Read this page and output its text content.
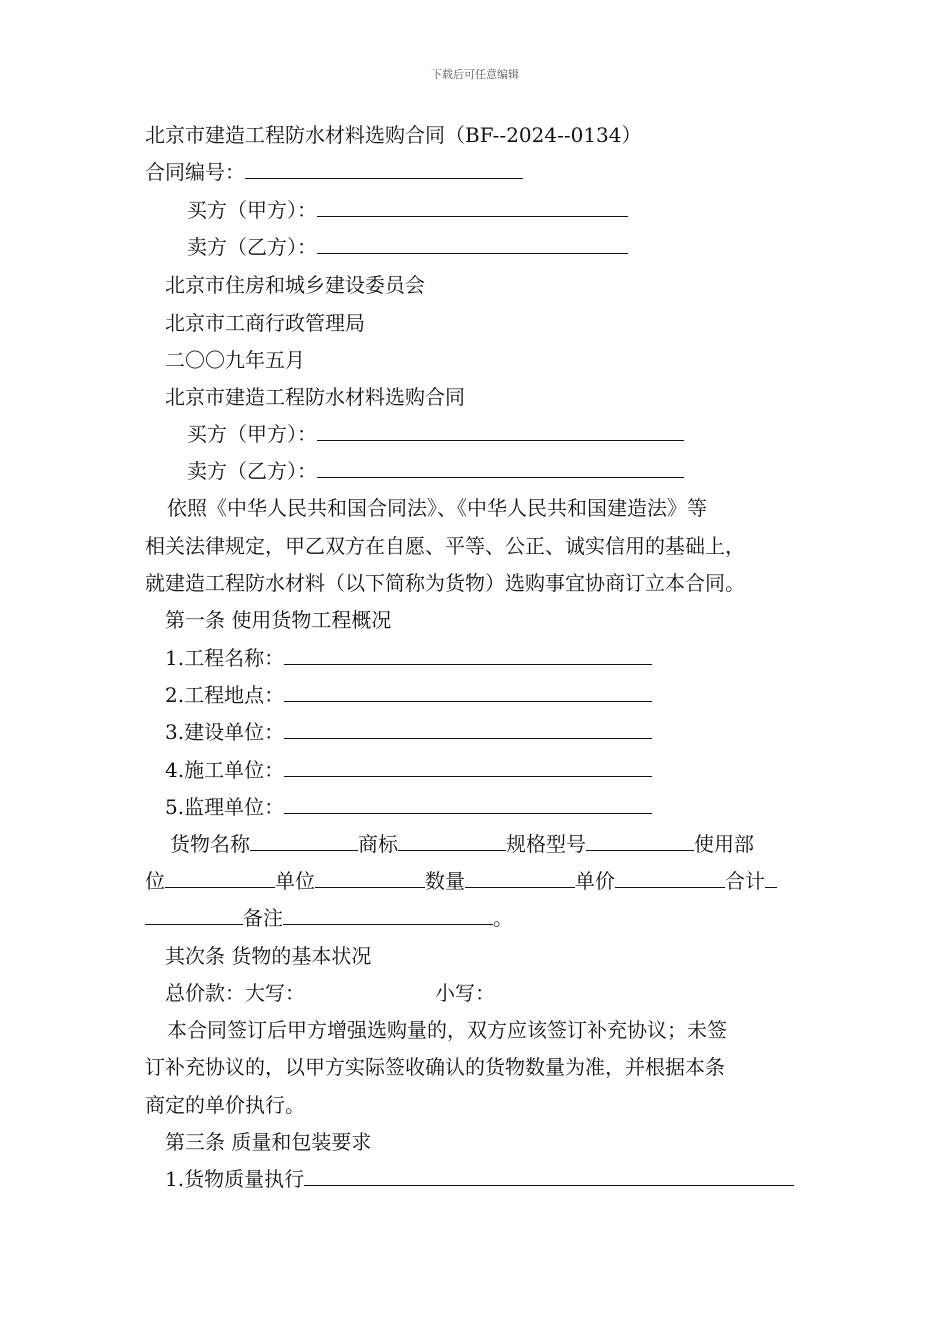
下载后可任意编辑
北京市建造工程防水材料选购合同（BF--2024--0134）
合同编号：
买方（甲方）：
卖方（乙方）：
北京市住房和城乡建设委员会
北京市工商行政管理局
二〇〇九年五月
北京市建造工程防水材料选购合同
买方（甲方）：
卖方（乙方）：
依照《中华人民共和国合同法》、《中华人民共和国建造法》等
相关法律规定，甲乙双方在自愿、平等、公正、诚实信用的基础上，
就建造工程防水材料（以下简称为货物）选购事宜协商订立本合同。
第一条 使用货物工程概况
1.工程名称：
2.工程地点：
3.建设单位：
4.施工单位：
5.监理单位：
货物名称	商标	规格型号	使用部
位	单位	数量	单价	合计
备注	。
其次条 货物的基本状况
总价款：大写：	小写：
本合同签订后甲方增强选购量的，双方应该签订补充协议；未签
订补充协议的，以甲方实际签收确认的货物数量为准，并根据本条
商定的单价执行。
第三条 质量和包装要求
1.货物质量执行
